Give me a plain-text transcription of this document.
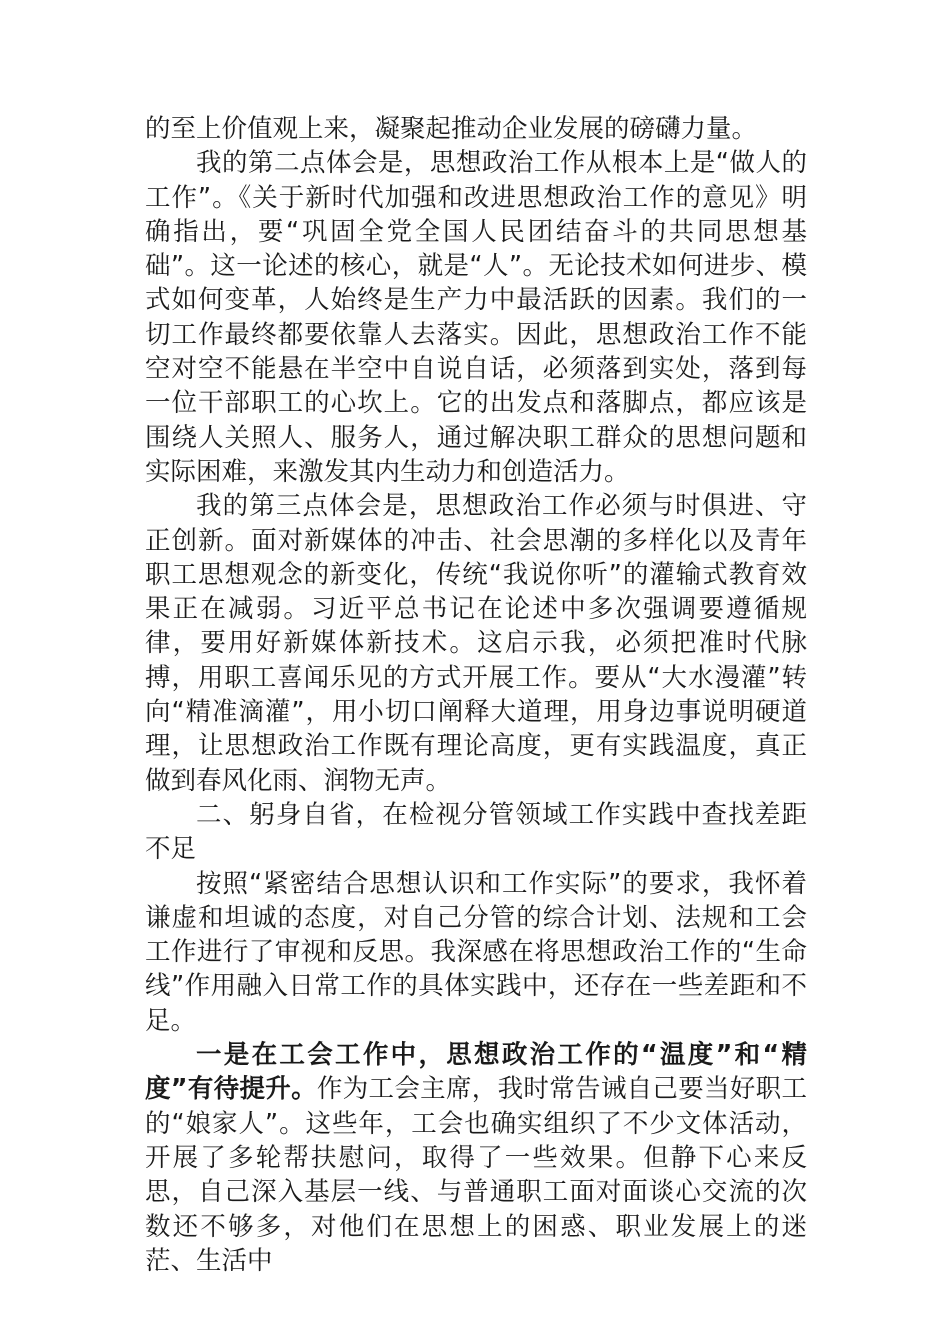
的至上价值观上来，凝聚起推动企业发展的磅礴力量。

我的第二点体会是，思想政治工作从根本上是“做人的工作”。《关于新时代加强和改进思想政治工作的意见》明确指出，要“巩固全党全国人民团结奋斗的共同思想基础”。这一论述的核心，就是“人”。无论技术如何进步、模式如何变革，人始终是生产力中最活跃的因素。我们的一切工作最终都要依靠人去落实。因此，思想政治工作不能空对空不能悬在半空中自说自话，必须落到实处，落到每一位干部职工的心坎上。它的出发点和落脚点，都应该是围绕人关照人、服务人，通过解决职工群众的思想问题和实际困难，来激发其内生动力和创造活力。

我的第三点体会是，思想政治工作必须与时俱进、守正创新。面对新媒体的冲击、社会思潮的多样化以及青年职工思想观念的新变化，传统“我说你听”的灌输式教育效果正在减弱。习近平总书记在论述中多次强调要遵循规律，要用好新媒体新技术。这启示我，必须把准时代脉搏，用职工喜闻乐见的方式开展工作。要从“大水漫灌”转向“精准滴灌”，用小切口阐释大道理，用身边事说明硬道理，让思想政治工作既有理论高度，更有实践温度，真正做到春风化雨、润物无声。

二、躬身自省，在检视分管领域工作实践中查找差距不足

按照“紧密结合思想认识和工作实际”的要求，我怀着谦虚和坦诚的态度，对自己分管的综合计划、法规和工会工作进行了审视和反思。我深感在将思想政治工作的“生命线”作用融入日常工作的具体实践中，还存在一些差距和不足。

一是在工会工作中，思想政治工作的“温度”和“精度”有待提升。作为工会主席，我时常告诫自己要当好职工的“娘家人”。这些年，工会也确实组织了不少文体活动，开展了多轮帮扶慰问，取得了一些效果。但静下心来反思，自己深入基层一线、与普通职工面对面谈心交流的次数还不够多，对他们在思想上的困惑、职业发展上的迷茫、生活中
